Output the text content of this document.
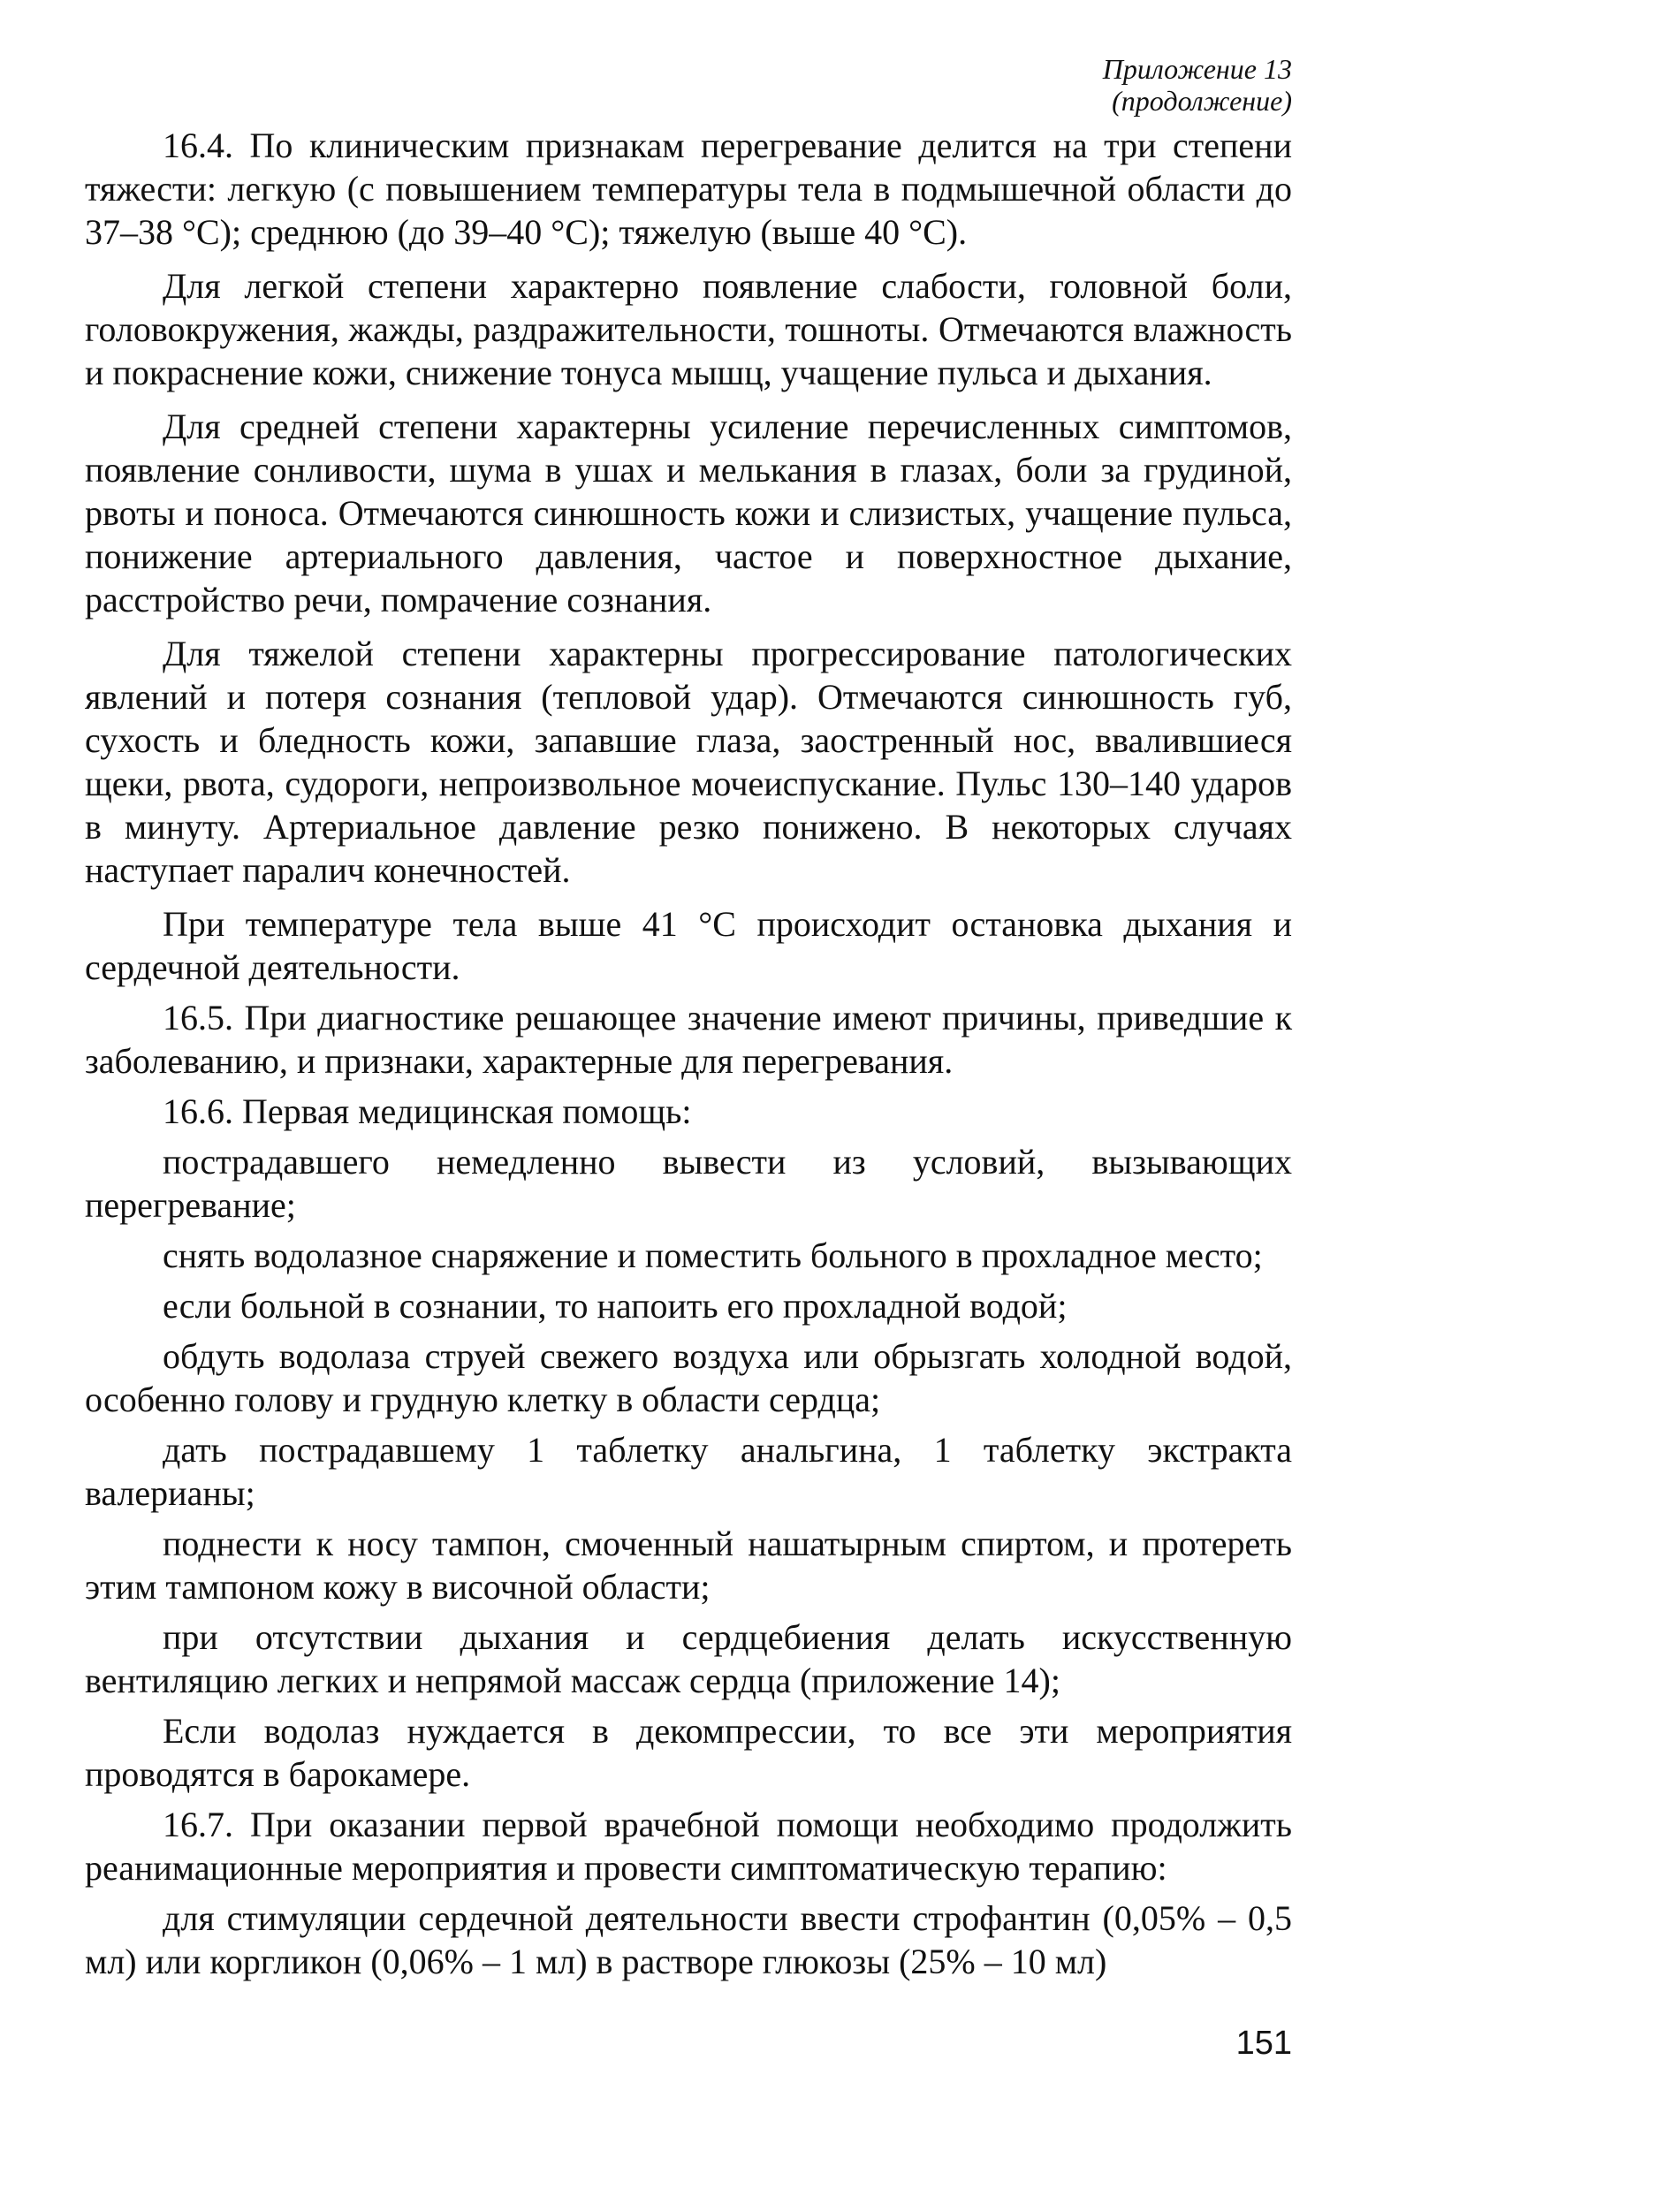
Приложение 13
(продолжение)

16.4. По клиническим признакам перегревание делится на три степени тяжести: легкую (с повышением температуры тела в подмышечной области до 37–38 °С); среднюю (до 39–40 °С); тяжелую (выше 40 °С).

Для легкой степени характерно появление слабости, головной боли, головокружения, жажды, раздражительности, тошноты. Отмечаются влажность и покраснение кожи, снижение тонуса мышц, учащение пульса и дыхания.

Для средней степени характерны усиление перечисленных симптомов, появление сонливости, шума в ушах и мелькания в глазах, боли за грудиной, рвоты и поноса. Отмечаются синюшность кожи и слизистых, учащение пульса, понижение артериального давления, частое и поверхностное дыхание, расстройство речи, помрачение сознания.

Для тяжелой степени характерны прогрессирование патологических явлений и потеря сознания (тепловой удар). Отмечаются синюшность губ, сухость и бледность кожи, запавшие глаза, заостренный нос, ввалившиеся щеки, рвота, судороги, непроизвольное мочеиспускание. Пульс 130–140 ударов в минуту. Артериальное давление резко понижено. В некоторых случаях наступает паралич конечностей.

При температуре тела выше 41 °С происходит остановка дыхания и сердечной деятельности.

16.5. При диагностике решающее значение имеют причины, приведшие к заболеванию, и признаки, характерные для перегревания.

16.6. Первая медицинская помощь:

пострадавшего немедленно вывести из условий, вызывающих перегревание;

снять водолазное снаряжение и поместить больного в прохладное место;

если больной в сознании, то напоить его прохладной водой;

обдуть водолаза струей свежего воздуха или обрызгать холодной водой, особенно голову и грудную клетку в области сердца;

дать пострадавшему 1 таблетку анальгина, 1 таблетку экстракта валерианы;

поднести к носу тампон, смоченный нашатырным спиртом, и протереть этим тампоном кожу в височной области;

при отсутствии дыхания и сердцебиения делать искусственную вентиляцию легких и непрямой массаж сердца (приложение 14);

Если водолаз нуждается в декомпрессии, то все эти мероприятия проводятся в барокамере.

16.7. При оказании первой врачебной помощи необходимо продолжить реанимационные мероприятия и провести симптоматическую терапию:

для стимуляции сердечной деятельности ввести строфантин (0,05% – 0,5 мл) или коргликон (0,06% – 1 мл) в растворе глюкозы (25% – 10 мл)

151
